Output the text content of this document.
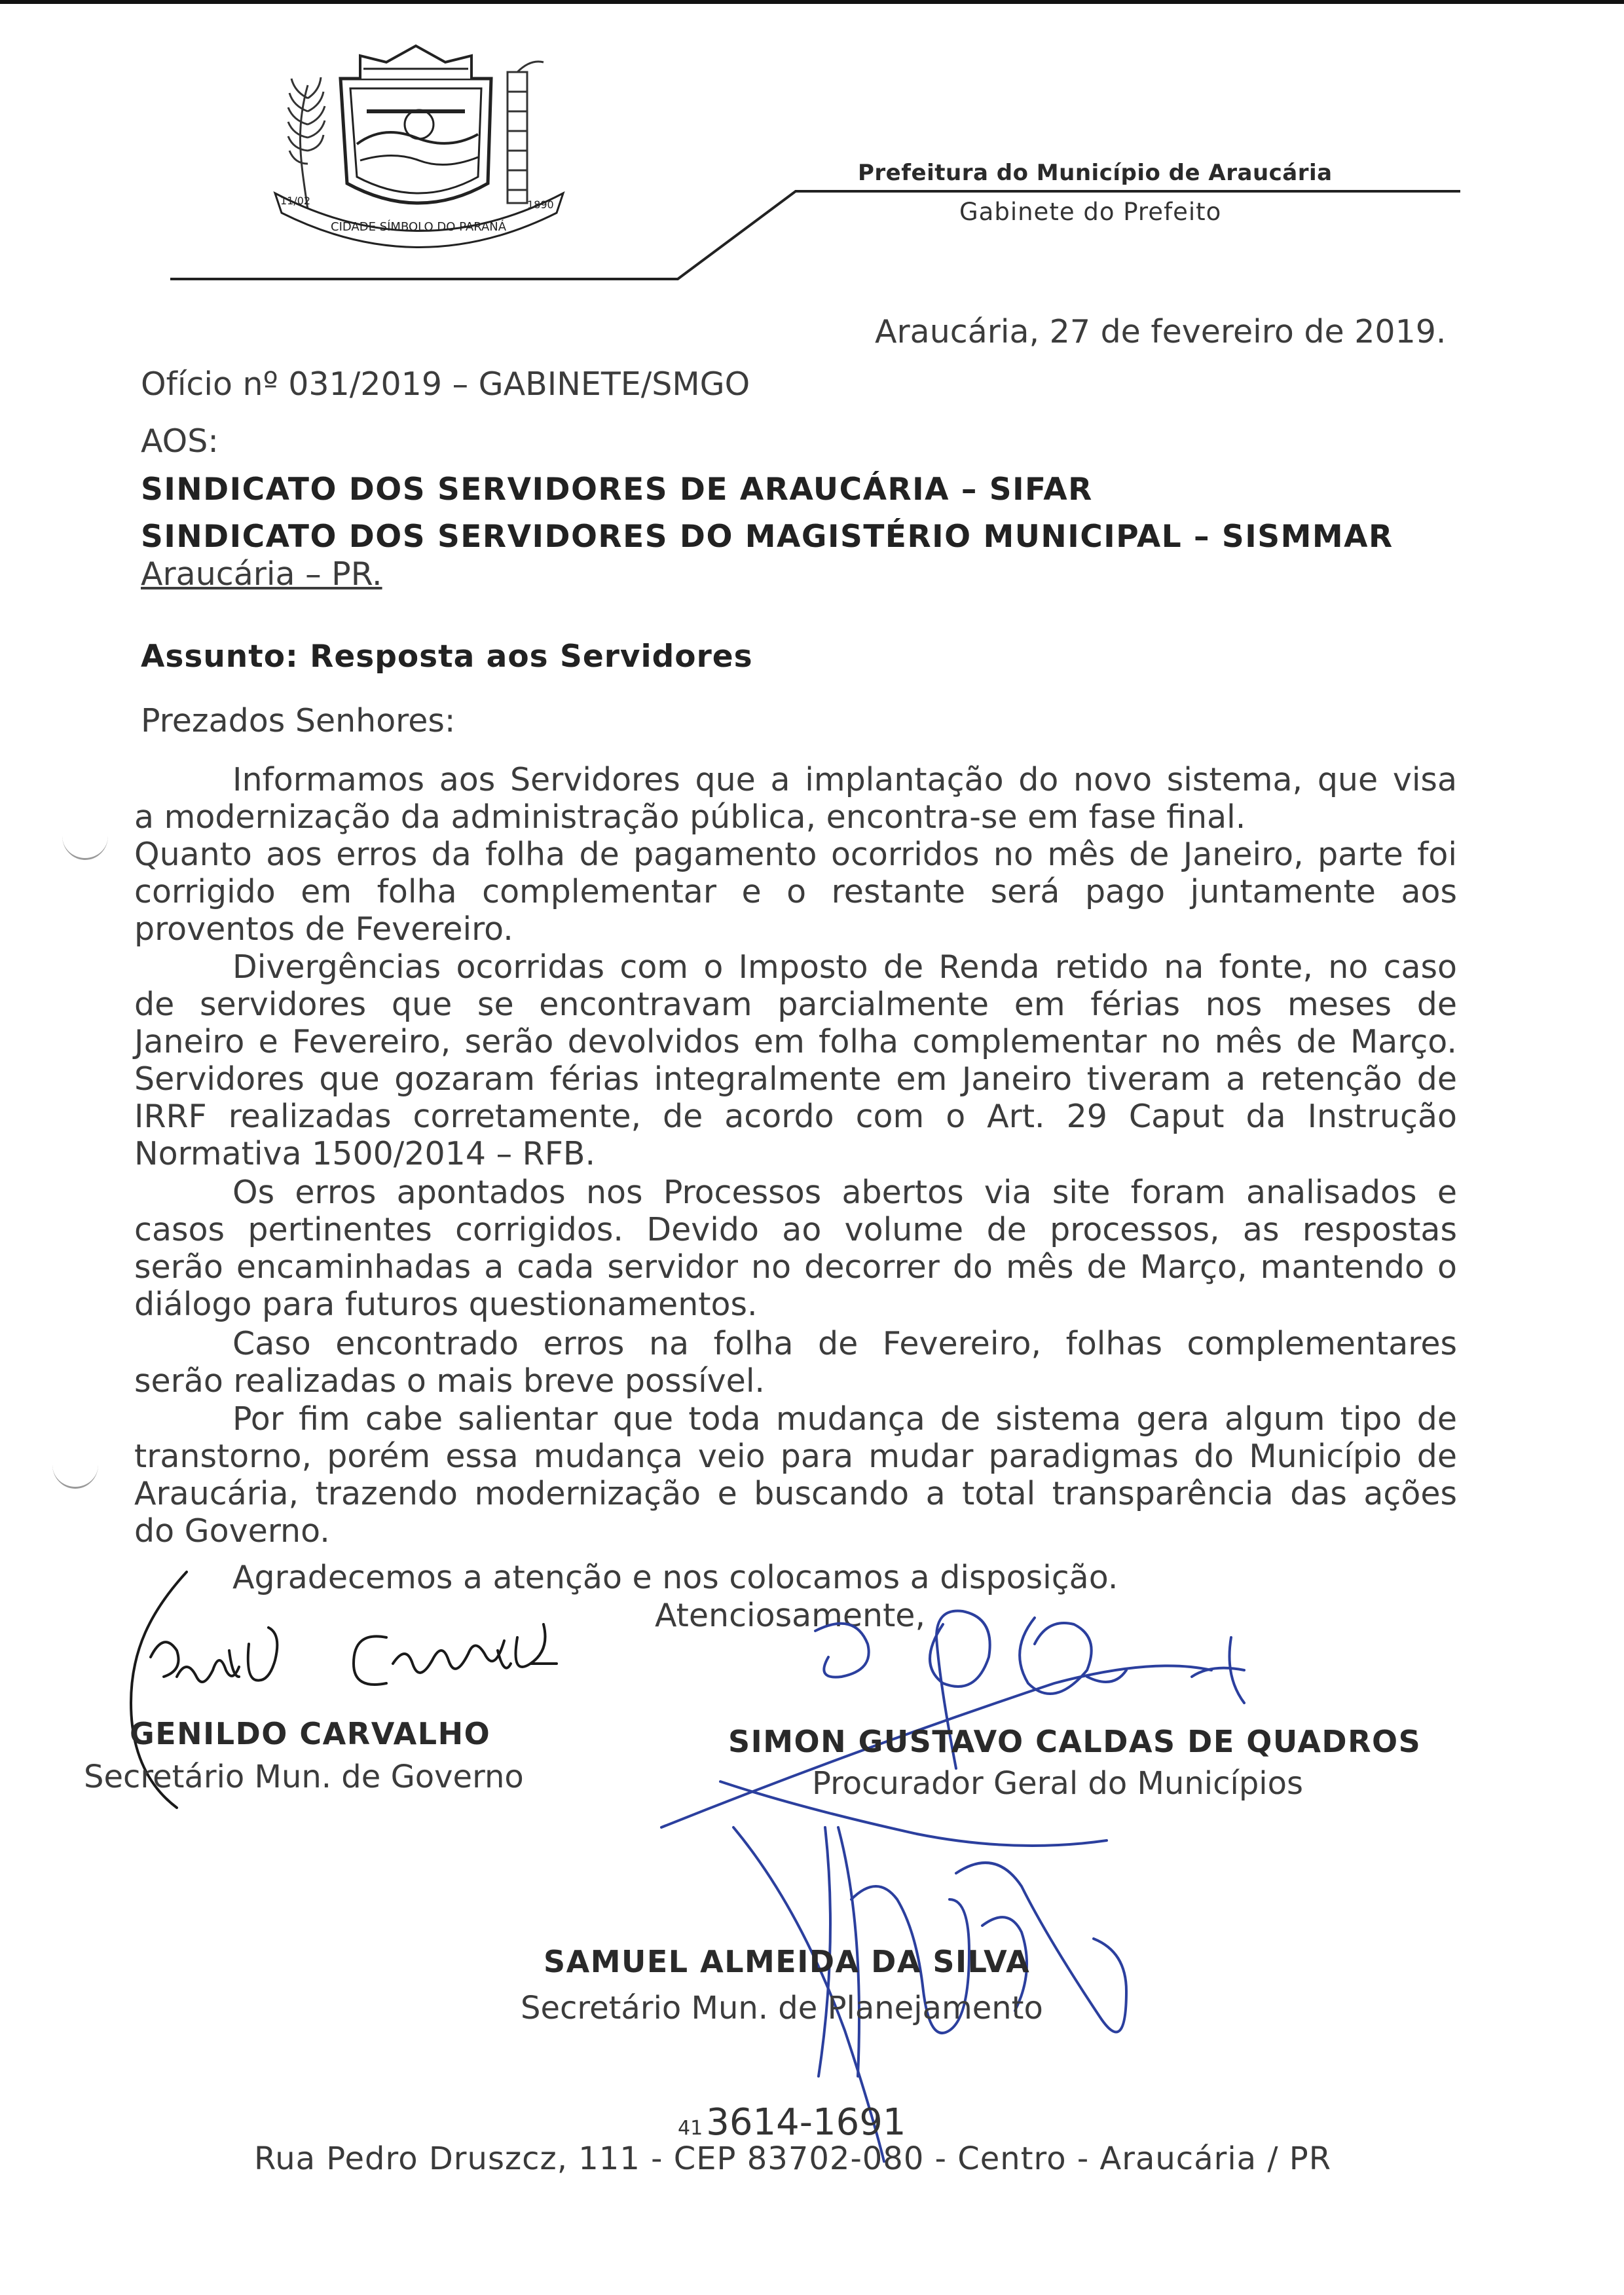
11/02	1890
CIDADE SÍMBOLO DO PARANÁ
Prefeitura do Município de Araucária
Gabinete do Prefeito
Araucária, 27 de fevereiro de 2019.
Ofício nº 031/2019 – GABINETE/SMGO
AOS:
SINDICATO DOS SERVIDORES DE ARAUCÁRIA – SIFAR
SINDICATO DOS SERVIDORES DO MAGISTÉRIO MUNICIPAL – SISMMAR
Araucária – PR.
Assunto: Resposta aos Servidores
Prezados Senhores:
Informamos aos Servidores que a implantação do novo sistema, que visa
a modernização da administração pública, encontra-se em fase final.
Quanto aos erros da folha de pagamento ocorridos no mês de Janeiro, parte foi
corrigido em folha complementar e o restante será pago juntamente aos
proventos de Fevereiro.
Divergências ocorridas com o Imposto de Renda retido na fonte, no caso
de servidores que se encontravam parcialmente em férias nos meses de
Janeiro e Fevereiro, serão devolvidos em folha complementar no mês de Março.
Servidores que gozaram férias integralmente em Janeiro tiveram a retenção de
IRRF realizadas corretamente, de acordo com o Art. 29 Caput da Instrução
Normativa 1500/2014 – RFB.
Os erros apontados nos Processos abertos via site foram analisados e
casos pertinentes corrigidos. Devido ao volume de processos, as respostas
serão encaminhadas a cada servidor no decorrer do mês de Março, mantendo o
diálogo para futuros questionamentos.
Caso encontrado erros na folha de Fevereiro, folhas complementares
serão realizadas o mais breve possível.
Por fim cabe salientar que toda mudança de sistema gera algum tipo de
transtorno, porém essa mudança veio para mudar paradigmas do Município de
Araucária, trazendo modernização e buscando a total transparência das ações
do Governo.
Agradecemos a atenção e nos colocamos a disposição.
Atenciosamente,
GENILDO CARVALHO
Secretário Mun. de Governo
SIMON GUSTAVO CALDAS DE QUADROS
Procurador Geral do Municípios
SAMUEL ALMEIDA DA SILVA
Secretário Mun. de Planejamento
41 3614-1691
Rua Pedro Druszcz, 111 - CEP 83702-080 - Centro - Araucária / PR
